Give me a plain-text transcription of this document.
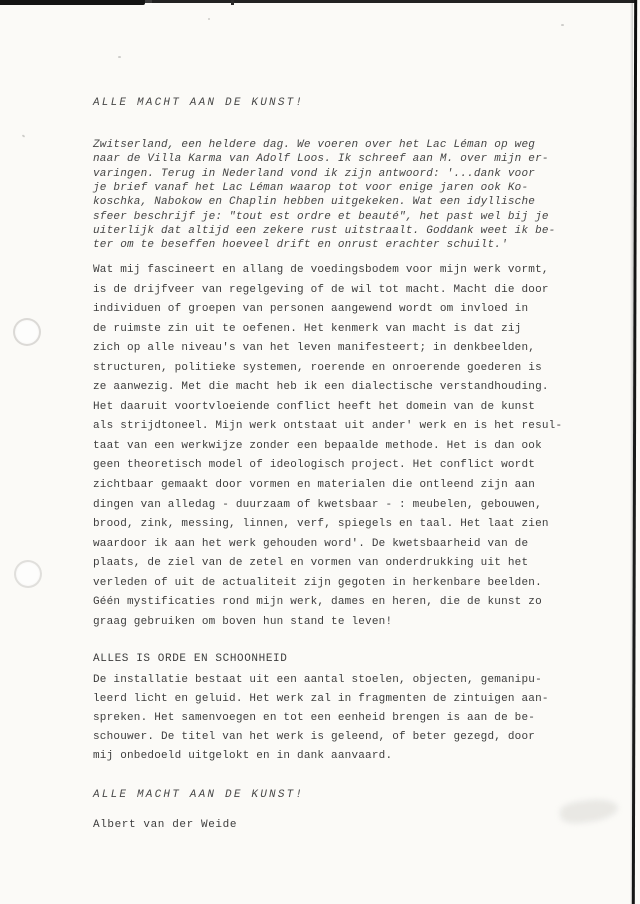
ALLE MACHT AAN DE KUNST!
Zwitserland, een heldere dag. We voeren over het Lac Léman op weg
naar de Villa Karma van Adolf Loos. Ik schreef aan M. over mijn er-
varingen. Terug in Nederland vond ik zijn antwoord: '...dank voor
je brief vanaf het Lac Léman waarop tot voor enige jaren ook Ko-
koschka, Nabokow en Chaplin hebben uitgekeken. Wat een idyllische
sfeer beschrijf je: "tout est ordre et beauté", het past wel bij je
uiterlijk dat altijd een zekere rust uitstraalt. Goddank weet ik be-
ter om te beseffen hoeveel drift en onrust erachter schuilt.'
Wat mij fascineert en allang de voedingsbodem voor mijn werk vormt,
is de drijfveer van regelgeving of de wil tot macht. Macht die door
individuen of groepen van personen aangewend wordt om invloed in
de ruimste zin uit te oefenen. Het kenmerk van macht is dat zij
zich op alle niveau's van het leven manifesteert; in denkbeelden,
structuren, politieke systemen, roerende en onroerende goederen is
ze aanwezig. Met die macht heb ik een dialectische verstandhouding.
Het daaruit voortvloeiende conflict heeft het domein van de kunst
als strijdtoneel. Mijn werk ontstaat uit ander' werk en is het resul-
taat van een werkwijze zonder een bepaalde methode. Het is dan ook
geen theoretisch model of ideologisch project. Het conflict wordt
zichtbaar gemaakt door vormen en materialen die ontleend zijn aan
dingen van alledag - duurzaam of kwetsbaar - : meubelen, gebouwen,
brood, zink, messing, linnen, verf, spiegels en taal. Het laat zien
waardoor ik aan het werk gehouden word'. De kwetsbaarheid van de
plaats, de ziel van de zetel en vormen van onderdrukking uit het
verleden of uit de actualiteit zijn gegoten in herkenbare beelden.
Géén mystificaties rond mijn werk, dames en heren, die de kunst zo
graag gebruiken om boven hun stand te leven!
ALLES IS ORDE EN SCHOONHEID
De installatie bestaat uit een aantal stoelen, objecten, gemanipu-
leerd licht en geluid. Het werk zal in fragmenten de zintuigen aan-
spreken. Het samenvoegen en tot een eenheid brengen is aan de be-
schouwer. De titel van het werk is geleend, of beter gezegd, door
mij onbedoeld uitgelokt en in dank aanvaard.
ALLE MACHT AAN DE KUNST!
Albert van der Weide
